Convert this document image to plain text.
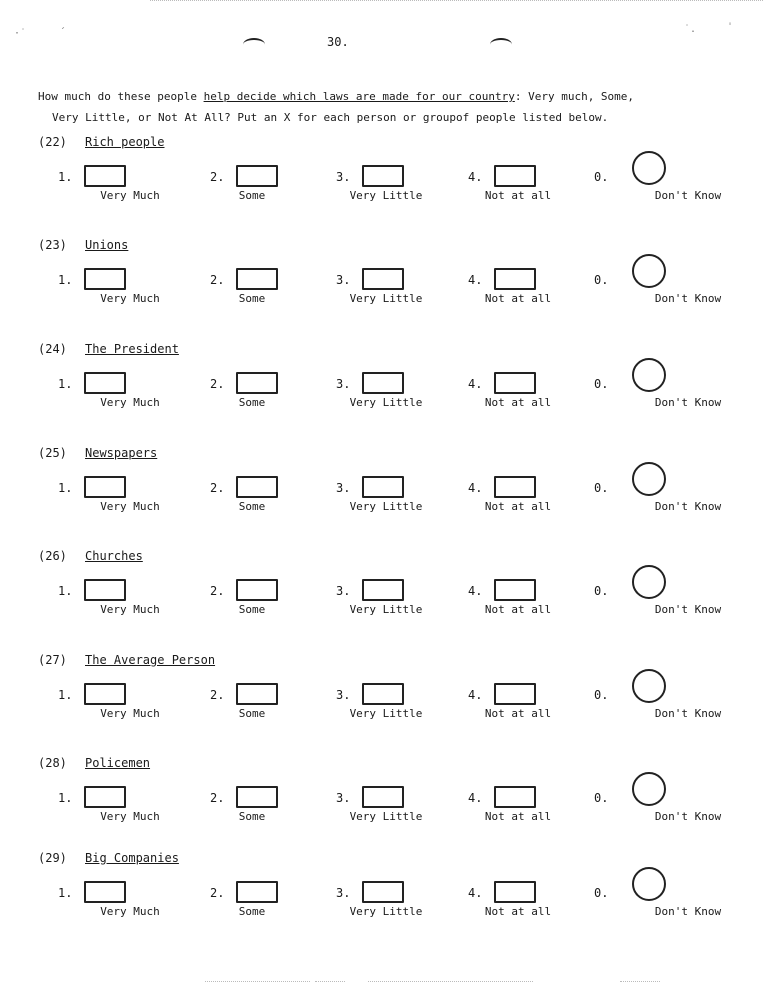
·˙
ˏ
˙.	ˈ
30.
How much do these people help decide which laws are made for our country: Very much, Some,
Very Little, or Not At All? Put an X for each person or groupof people listed below.
(22) Rich people
1.
Very Much
2.
Some
3.
Very Little
4.
Not at all
0.
Don't Know
(23) Unions
1.
Very Much
2.
Some
3.
Very Little
4.
Not at all
0.
Don't Know
(24) The President
1.
Very Much
2.
Some
3.
Very Little
4.
Not at all
0.
Don't Know
(25) Newspapers
1.
Very Much
2.
Some
3.
Very Little
4.
Not at all
0.
Don't Know
(26) Churches
1.
Very Much
2.
Some
3.
Very Little
4.
Not at all
0.
Don't Know
(27) The Average Person
1.
Very Much
2.
Some
3.
Very Little
4.
Not at all
0.
Don't Know
(28) Policemen
1.
Very Much
2.
Some
3.
Very Little
4.
Not at all
0.
Don't Know
(29) Big Companies
1.
Very Much
2.
Some
3.
Very Little
4.
Not at all
0.
Don't Know
